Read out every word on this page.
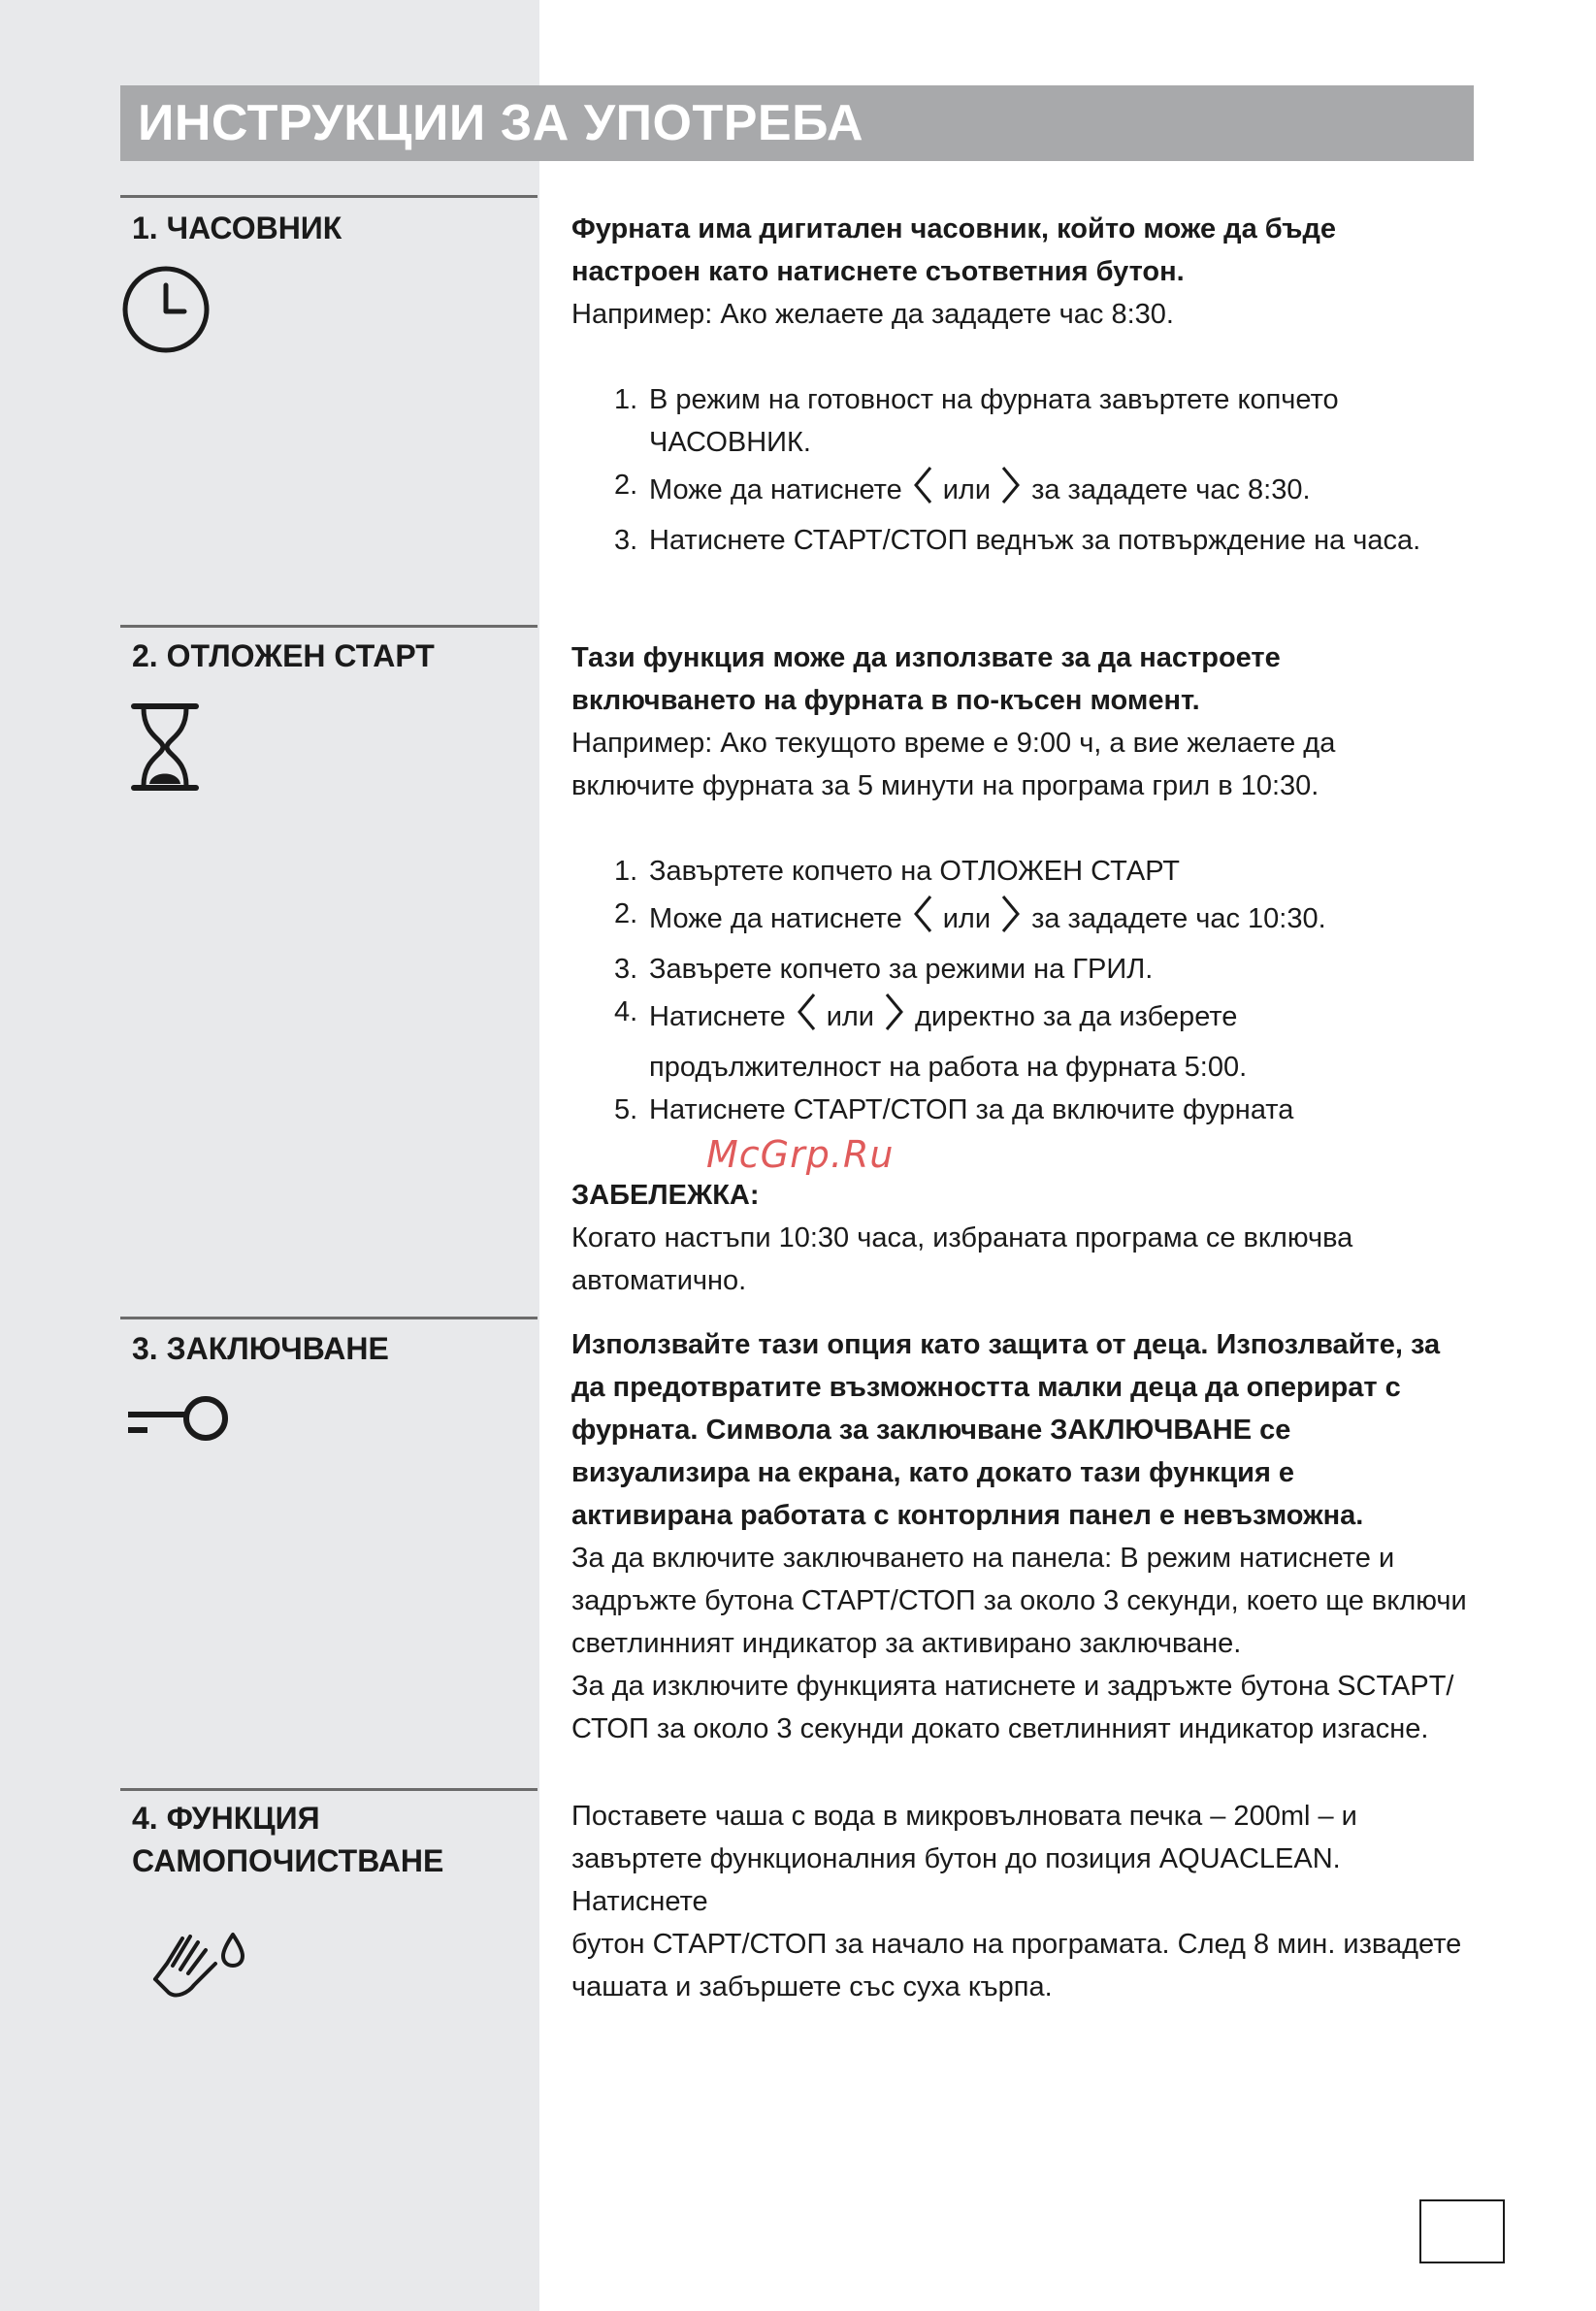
ИНСТРУКЦИИ ЗА УПОТРЕБА
1. ЧАСОВНИК	Фурната има дигитален часовник, който може да бъде

настроен като натиснете съответния бутон.

Например: Ако желаете да зададете час 8:30.

1. В режим на готовност на фурната завъртете копчето
ЧАСОВНИК.
2. Може да натиснете или за зададете час 8:30.
3. Натиснете СТАРТ/СТОП веднъж за потвърждение на часа.
2. ОТЛОЖЕН СТАРТ	Тази функция може да използвате за да настроете

включването на фурната в по-късен момент.

Например: Ако текущото време е 9:00 ч, а вие желаете да

включите фурната за 5 минути на програма грил в 10:30.

1. Завъртете копчето на ОТЛОЖЕН СТАРТ
2. Може да натиснете или за зададете час 10:30.
3. Завърете копчето за режими на ГРИЛ.
4. Натиснете или директно за да изберете
продължителност на работа на фурната 5:00.
5. Натиснете СТАРТ/СТОП за да включите фурната

ЗАБЕЛЕЖКА:

Когато настъпи 10:30 часа, избраната програма се включва

автоматично.

3. ЗАКЛЮЧВАНЕ	Използвайте тази опция като защита от деца. Изпозлвайте, за

да предотвратите възможността малки деца да оперират с

фурната. Символа за заключване ЗАКЛЮЧВАНЕ се

визуализира на екрана, като докато тази функция е

активирана работата с конторлния панел е невъзможна.

За да включите заключването на панела: В режим натиснете и

задръжте бутона СТАРТ/СТОП за около 3 секунди, което ще включи

светлинният индикатор за активирано заключване.

За да изключите функцията натиснете и задръжте бутона SCTAPT/

СТОП за около 3 секунди докато светлинният индикатор изгасне.

4. ФУНКЦИЯ
САМОПОЧИСТВАНЕ

Поставете чаша с вода в микровълновата печка – 200ml – и

завъртете функционалния бутон до позиция AQUACLEAN. Натиснете

бутон СТАРТ/СТОП за начало на програмата. След 8 мин. извадете

чашата и забършете със суха кърпа.

McGrp.Ru
